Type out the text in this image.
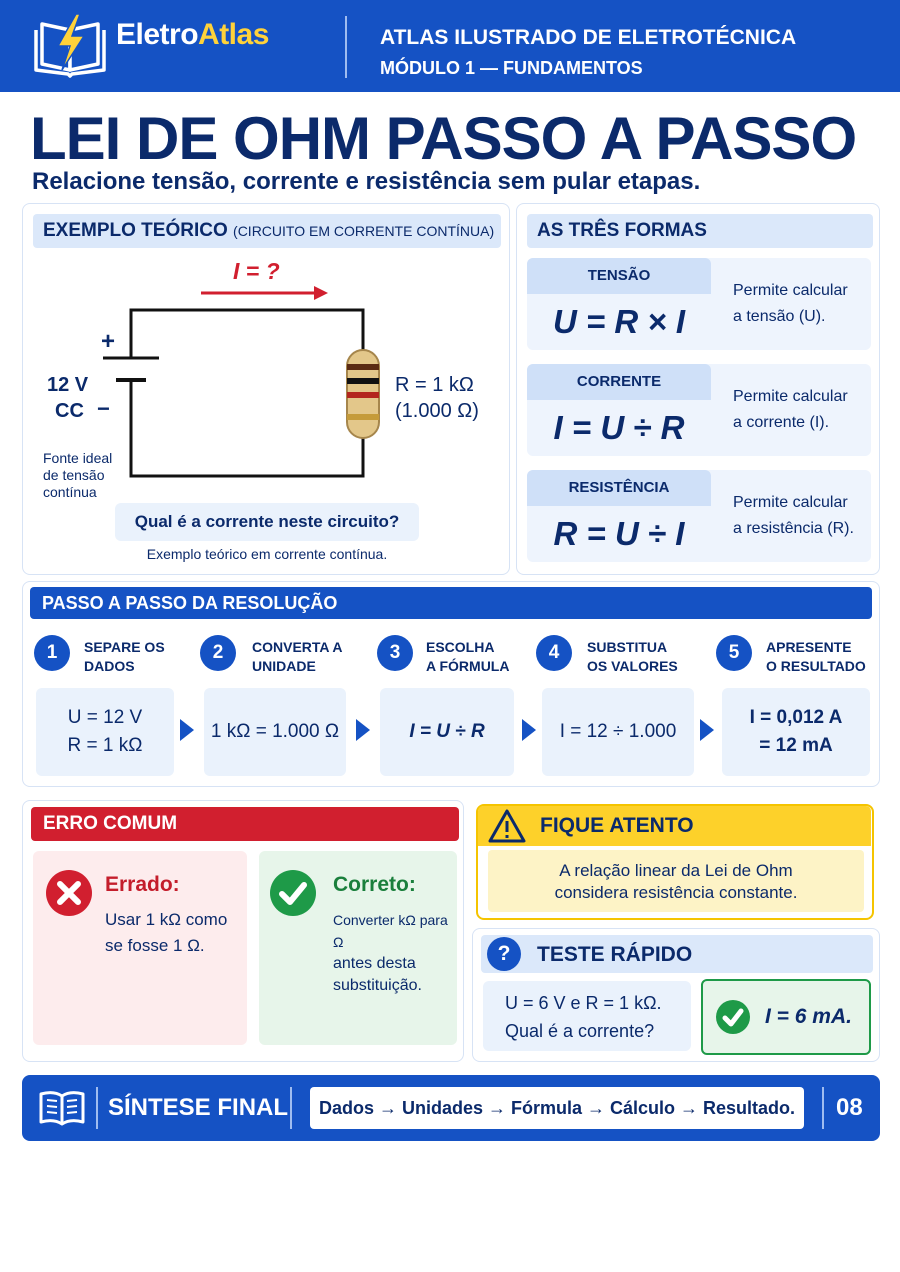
EletroAtlas	ATLAS ILUSTRADO DE ELETROTÉCNICA
MÓDULO 1 — FUNDAMENTOS
LEI DE OHM PASSO A PASSO
Relacione tensão, corrente e resistência sem pular etapas.
EXEMPLO TEÓRICO (CIRCUITO EM CORRENTE CONTÍNUA)
I = ?
+
−
12 V
CC
R = 1 kΩ
(1.000 Ω)
Fonte ideal
de tensão
contínua
Qual é a corrente neste circuito?
Exemplo teórico em corrente contínua.
AS TRÊS FORMAS
TENSÃO
U = R × I
Permite calcular
a tensão (U).
CORRENTE
I = U ÷ R
Permite calcular
a corrente (I).
RESISTÊNCIA
R = U ÷ I
Permite calcular
a resistência (R).
PASSO A PASSO DA RESOLUÇÃO
1	SEPARE OS
DADOS
U = 12 V
R = 1 kΩ
2	CONVERTA A
UNIDADE
1 kΩ = 1.000 Ω
3	ESCOLHA
A FÓRMULA
I = U ÷ R
4	SUBSTITUA
OS VALORES
I = 12 ÷ 1.000
5	APRESENTE
O RESULTADO
I = 0,012 A
= 12 mA
ERRO COMUM
Errado:
Usar 1 kΩ como
se fosse 1 Ω.
Correto:
Converter kΩ para Ω
antes desta
substituição.
FIQUE ATENTO
A relação linear da Lei de Ohm
considera resistência constante.
?	TESTE RÁPIDO
U = 6 V e R = 1 kΩ.
Qual é a corrente?
I = 6 mA.
SÍNTESE FINAL	Dados → Unidades → Fórmula → Cálculo → Resultado.	08
